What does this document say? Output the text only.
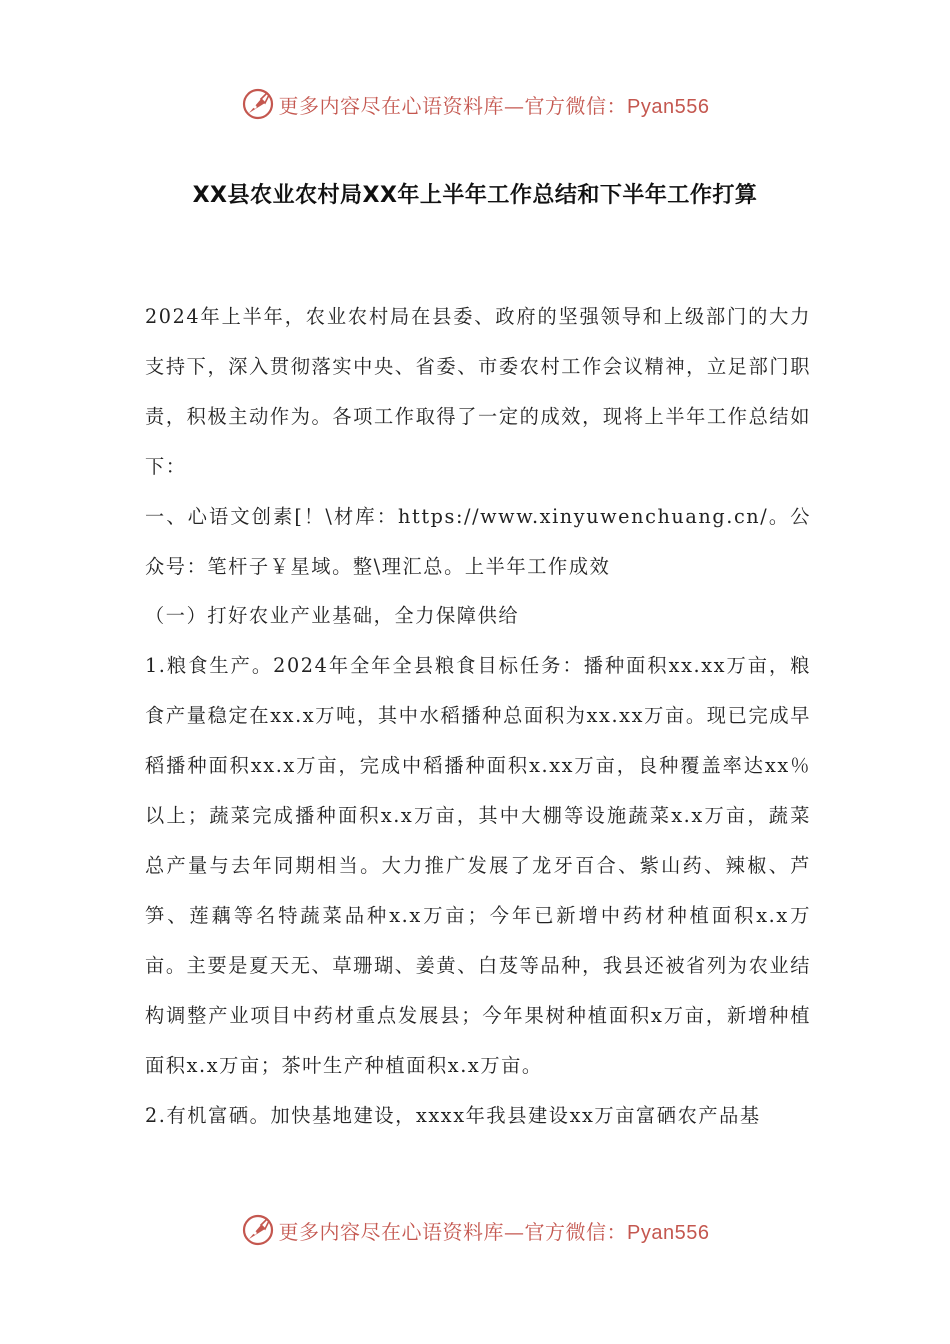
更多内容尽在心语资料库—官方微信：Pyan556
XX县农业农村局XX年上半年工作总结和下半年工作打算

2024年上半年，农业农村局在县委、政府的坚强领导和上级部门的大力支持下，深入贯彻落实中央、省委、市委农村工作会议精神，立足部门职责，积极主动作为。各项工作取得了一定的成效，现将上半年工作总结如下：

一、心语文创素[！\材库：https://www.xinyuwenchuang.cn/。公众号：笔杆子￥星域。整\理汇总。上半年工作成效

（一）打好农业产业基础，全力保障供给

1.粮食生产。2024年全年全县粮食目标任务：播种面积xx.xx万亩，粮食产量稳定在xx.x万吨，其中水稻播种总面积为xx.xx万亩。现已完成早稻播种面积xx.x万亩，完成中稻播种面积x.xx万亩，良种覆盖率达xx％以上；蔬菜完成播种面积x.x万亩，其中大棚等设施蔬菜x.x万亩，蔬菜总产量与去年同期相当。大力推广发展了龙牙百合、紫山药、辣椒、芦笋、莲藕等名特蔬菜品种x.x万亩；今年已新增中药材种植面积x.x万亩。主要是夏天无、草珊瑚、姜黄、白芨等品种，我县还被省列为农业结构调整产业项目中药材重点发展县；今年果树种植面积x万亩，新增种植面积x.x万亩；茶叶生产种植面积x.x万亩。

2.有机富硒。加快基地建设，xxxx年我县建设xx万亩富硒农产品基

更多内容尽在心语资料库—官方微信：Pyan556
